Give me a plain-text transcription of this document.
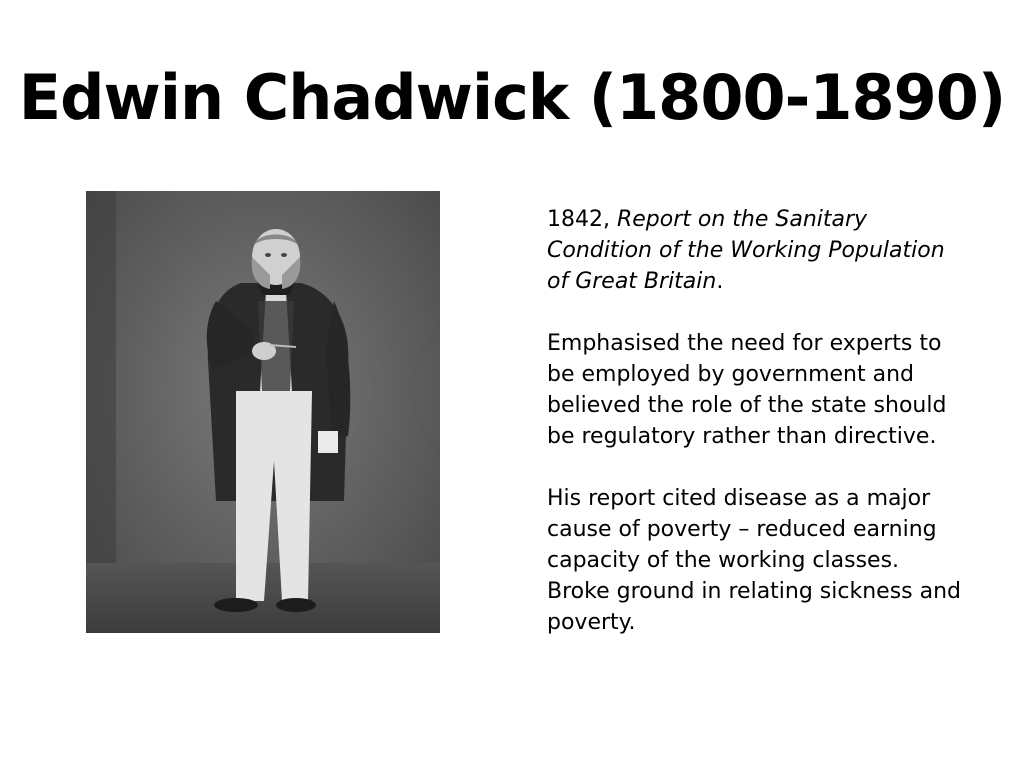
Edwin Chadwick (1800-1890)

1842, Report on the Sanitary Condition of the Working Population of Great Britain.

Emphasised the need for experts to be employed by government and believed the role of the state should be regulatory rather than directive.

His report cited disease as a major cause of poverty – reduced earning capacity of the working classes. Broke ground in relating sickness and poverty.
